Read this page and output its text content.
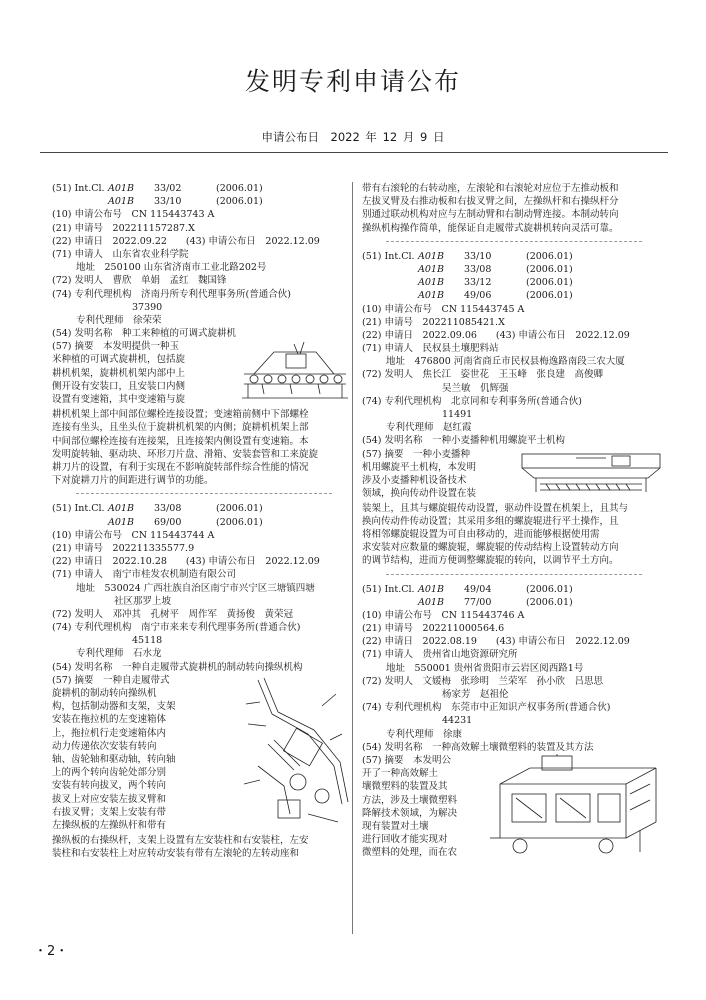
发明专利申请公布
申请公布日　2022 年 12 月 9 日
(51) Int.Cl. A01B 33/02	(2006.01)
A01B 33/10	(2006.01)
(10) 申请公布号　CN 115443743 A
(21) 申请号　202211157287.X
(22) 申请日　2022.09.22　　(43) 申请公布日　2022.12.09
(71) 申请人　山东省农业科学院
地址　250100 山东省济南市工业北路202号
(72) 发明人　曹欣　单娟　孟红　魏国锋
(74) 专利代理机构　济南丹所专利代理事务所(普通合伙)
37390
专利代理师　徐荣荣
(54) 发明名称　种工来种植的可调式旋耕机
(57) 摘要　本发明提供一种玉
米种植的可调式旋耕机，包括旋
耕机机架，旋耕机机架内部中上
侧开设有安装口，且安装口内侧
设置有变速箱，其中变速箱与旋
耕机机架上部中间部位螺栓连接设置；变速箱前侧中下部螺栓
连接有坐头，且坐头位于旋耕机机架的内侧；旋耕机机架上部
中间部位螺栓连接有连接架，且连接架内侧设置有变速箱。本
发明旋转轴、驱动块、环形刀片盘、滑箱、安装套管和工来旋旋
耕刀片的设置，有利于实现在不影响旋转部件综合性能的情况
下对旋耕刀片的间距进行调节的功能。
(51) Int.Cl. A01B 33/08	(2006.01)
A01B 69/00	(2006.01)
(10) 申请公布号　CN 115443744 A
(21) 申请号　202211335577.9
(22) 申请日　2022.10.28　　(43) 申请公布日　2022.12.09
(71) 申请人　南宁市桂发农机制造有限公司
地址　530024 广西壮族自治区南宁市兴宁区三塘镇四塘
社区那罗上坡
(72) 发明人　邓冲其　孔树平　周作军　黄扬俊　黄荣冠
(74) 专利代理机构　南宁市来来专利代理事务所(普通合伙)
45118
专利代理师　石水龙
(54) 发明名称　一种自走履带式旋耕机的制动转向操纵机构
(57) 摘要　一种自走履带式
旋耕机的制动转向操纵机
构，包括制动器和支架，支架
安装在拖拉机的左变速箱体
上，拖拉机行走变速箱体内
动力传递依次安装有转向
轴、齿轮轴和驱动轴，转向轴
上的两个转向齿轮处部分别
安装有转向拔叉，两个转向
拔叉上对应安装左拔叉臂和
右拔叉臂；支架上安装有带
左操纵板的左操纵杆和带有
操纵板的右操纵杆，支架上设置有左安装柱和右安装柱，左安
装柱和右安装柱上对应转动安装有带有左滚轮的左转动座和
带有右滚轮的右转动座，左滚轮和右滚轮对应位于左推动板和
左拔叉臂及右推动板和右拔叉臂之间，左操纵杆和右操纵杆分
别通过联动机构对应与左制动臂和右制动臂连接。本制动转向
操纵机构操作简单，能保证自走履带式旋耕机转向灵活可靠。
(51) Int.Cl. A01B 33/10	(2006.01)
A01B 33/08	(2006.01)
A01B 33/12	(2006.01)
A01B 49/06	(2006.01)
(10) 申请公布号　CN 115443745 A
(21) 申请号　202211085421.X
(22) 申请日　2022.09.06　　(43) 申请公布日　2022.12.09
(71) 申请人　民权县土壤肥料站
地址　476800 河南省商丘市民权县梅逸路南段三农大厦
(72) 发明人　焦长江　姿世花　王玉峰　张良建　高俊卿
吴兰敏　仉辉强
(74) 专利代理机构　北京同和专利事务所(普通合伙)
11491
专利代理师　赵红霞
(54) 发明名称　一种小麦播种机用螺旋平土机构
(57) 摘要　一种小麦播种
机用螺旋平土机构，本发明
涉及小麦播种机设备技术
领域，换向传动件设置在装
装架上，且其与螺旋辊传动设置，驱动件设置在机架上，且其与
换向传动件传动设置；其采用多组的螺旋辊进行平土操作，且
将相邻螺旋辊设置为可自由移动的，进而能够根据使用需
求安装对应数量的螺旋辊，螺旋辊的传动结构上设置转动方向
的调节结构，进而方便调整螺旋辊的转向，以调节平土方向。
(51) Int.Cl. A01B 49/04	(2006.01)
A01B 77/00	(2006.01)
(10) 申请公布号　CN 115443746 A
(21) 申请号　202211000564.6
(22) 申请日　2022.08.19　　(43) 申请公布日　2022.12.09
(71) 申请人　贵州省山地资源研究所
地址　550001 贵州省贵阳市云岩区阅西路1号
(72) 发明人　文媛梅　张珍明　兰荣军　孙小欣　吕思思
杨家芳　赵祖伦
(74) 专利代理机构　东莞市中正知识产权事务所(普通合伙)
44231
专利代理师　徐康
(54) 发明名称　一种高效解土壤微塑料的装置及其方法
(57) 摘要　本发明公
开了一种高效解土
壤微塑料的装置及其
方法，涉及土壤微塑料
降解技术领域，为解决
现有装置对土壤
进行回收才能实现对
微塑料的处理，而在农
・2・
